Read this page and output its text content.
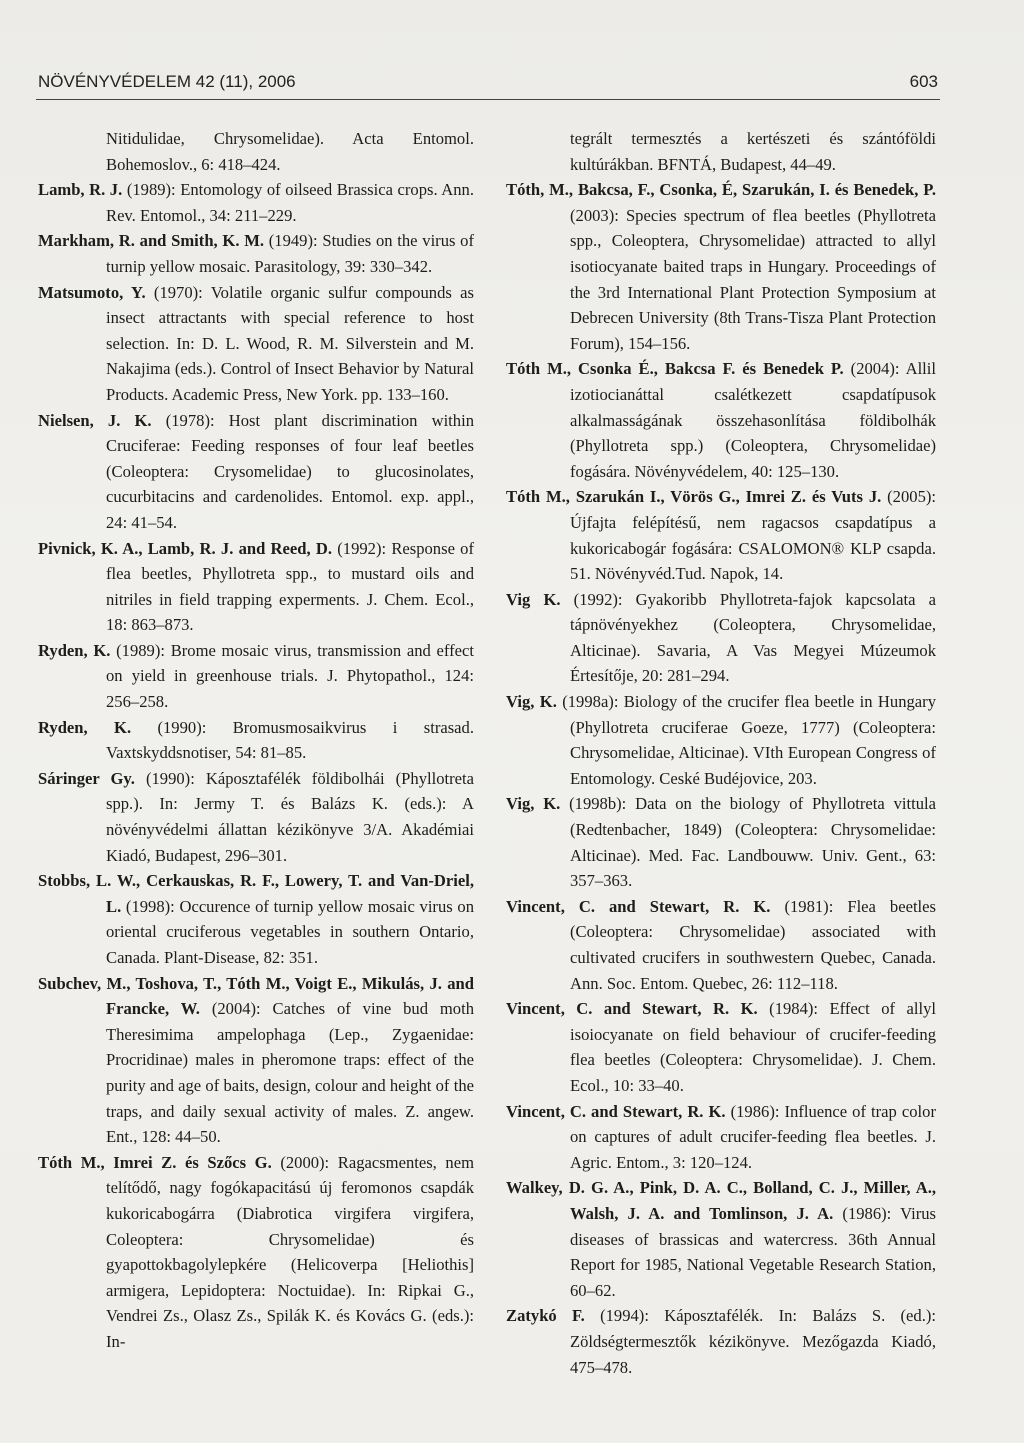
NÖVÉNYVÉDELEM 42 (11), 2006	603
Nitidulidae, Chrysomelidae). Acta Entomol. Bohemoslov., 6: 418–424.
Lamb, R. J. (1989): Entomology of oilseed Brassica crops. Ann. Rev. Entomol., 34: 211–229.
Markham, R. and Smith, K. M. (1949): Studies on the virus of turnip yellow mosaic. Parasitology, 39: 330–342.
Matsumoto, Y. (1970): Volatile organic sulfur compounds as insect attractants with special reference to host selection. In: D. L. Wood, R. M. Silverstein and M. Nakajima (eds.). Control of Insect Behavior by Natural Products. Academic Press, New York. pp. 133–160.
Nielsen, J. K. (1978): Host plant discrimination within Cruciferae: Feeding responses of four leaf beetles (Coleoptera: Crysomelidae) to glucosinolates, cucurbitacins and cardenolides. Entomol. exp. appl., 24: 41–54.
Pivnick, K. A., Lamb, R. J. and Reed, D. (1992): Response of flea beetles, Phyllotreta spp., to mustard oils and nitriles in field trapping experments. J. Chem. Ecol., 18: 863–873.
Ryden, K. (1989): Brome mosaic virus, transmission and effect on yield in greenhouse trials. J. Phytopathol., 124: 256–258.
Ryden, K. (1990): Bromusmosaikvirus i strasad. Vaxtskyddsnotiser, 54: 81–85.
Sáringer Gy. (1990): Káposztafélék földibolhái (Phyllotreta spp.). In: Jermy T. és Balázs K. (eds.): A növényvédelmi állattan kézikönyve 3/A. Akadémiai Kiadó, Budapest, 296–301.
Stobbs, L. W., Cerkauskas, R. F., Lowery, T. and Van-Driel, L. (1998): Occurence of turnip yellow mosaic virus on oriental cruciferous vegetables in southern Ontario, Canada. Plant-Disease, 82: 351.
Subchev, M., Toshova, T., Tóth M., Voigt E., Mikulás, J. and Francke, W. (2004): Catches of vine bud moth Theresimima ampelophaga (Lep., Zygaenidae: Procridinae) males in pheromone traps: effect of the purity and age of baits, design, colour and height of the traps, and daily sexual activity of males. Z. angew. Ent., 128: 44–50.
Tóth M., Imrei Z. és Szőcs G. (2000): Ragacsmentes, nem telítődő, nagy fogókapacitású új feromonos csapdák kukoricabogárra (Diabrotica virgifera virgifera, Coleoptera: Chrysomelidae) és gyapottokbagolylepkére (Helicoverpa [Heliothis] armigera, Lepidoptera: Noctuidae). In: Ripkai G., Vendrei Zs., Olasz Zs., Spilák K. és Kovács G. (eds.): In-
tegrált termesztés a kertészeti és szántóföldi kultúrákban. BFNTÁ, Budapest, 44–49.
Tóth, M., Bakcsa, F., Csonka, É, Szarukán, I. és Benedek, P. (2003): Species spectrum of flea beetles (Phyllotreta spp., Coleoptera, Chrysomelidae) attracted to allyl isotiocyanate baited traps in Hungary. Proceedings of the 3rd International Plant Protection Symposium at Debrecen University (8th Trans-Tisza Plant Protection Forum), 154–156.
Tóth M., Csonka É., Bakcsa F. és Benedek P. (2004): Allil izotiocianáttal csalétkezett csapdatípusok alkalmasságának összehasonlítása földibolhák (Phyllotreta spp.) (Coleoptera, Chrysomelidae) fogására. Növényvédelem, 40: 125–130.
Tóth M., Szarukán I., Vörös G., Imrei Z. és Vuts J. (2005): Újfajta felépítésű, nem ragacsos csapdatípus a kukoricabogár fogására: CSALOMON® KLP csapda. 51. Növényvéd.Tud. Napok, 14.
Vig K. (1992): Gyakoribb Phyllotreta-fajok kapcsolata a tápnövényekhez (Coleoptera, Chrysomelidae, Alticinae). Savaria, A Vas Megyei Múzeumok Értesítője, 20: 281–294.
Vig, K. (1998a): Biology of the crucifer flea beetle in Hungary (Phyllotreta cruciferae Goeze, 1777) (Coleoptera: Chrysomelidae, Alticinae). VIth European Congress of Entomology. Ceské Budéjovice, 203.
Vig, K. (1998b): Data on the biology of Phyllotreta vittula (Redtenbacher, 1849) (Coleoptera: Chrysomelidae: Alticinae). Med. Fac. Landbouww. Univ. Gent., 63: 357–363.
Vincent, C. and Stewart, R. K. (1981): Flea beetles (Coleoptera: Chrysomelidae) associated with cultivated crucifers in southwestern Quebec, Canada. Ann. Soc. Entom. Quebec, 26: 112–118.
Vincent, C. and Stewart, R. K. (1984): Effect of allyl isoiocyanate on field behaviour of crucifer-feeding flea beetles (Coleoptera: Chrysomelidae). J. Chem. Ecol., 10: 33–40.
Vincent, C. and Stewart, R. K. (1986): Influence of trap color on captures of adult crucifer-feeding flea beetles. J. Agric. Entom., 3: 120–124.
Walkey, D. G. A., Pink, D. A. C., Bolland, C. J., Miller, A., Walsh, J. A. and Tomlinson, J. A. (1986): Virus diseases of brassicas and watercress. 36th Annual Report for 1985, National Vegetable Research Station, 60–62.
Zatykó F. (1994): Káposztafélék. In: Balázs S. (ed.): Zöldségtermesztők kézikönyve. Mezőgazda Kiadó, 475–478.
